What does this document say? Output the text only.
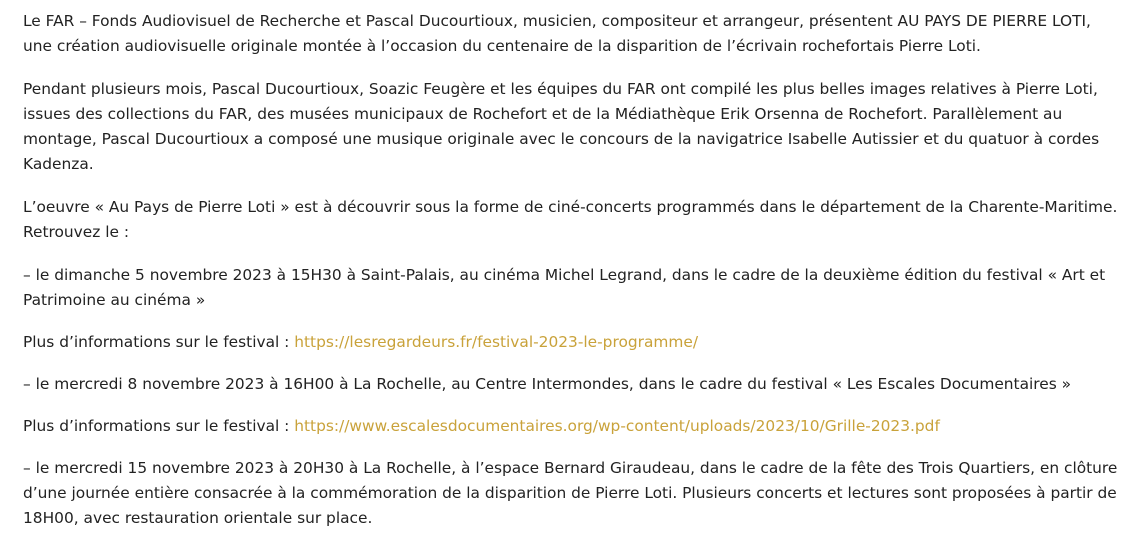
Le FAR – Fonds Audiovisuel de Recherche et Pascal Ducourtioux, musicien, compositeur et arrangeur, présentent AU PAYS DE PIERRE LOTI,
une création audiovisuelle originale montée à l’occasion du centenaire de la disparition de l’écrivain rochefortais Pierre Loti.

Pendant plusieurs mois, Pascal Ducourtioux, Soazic Feugère et les équipes du FAR ont compilé les plus belles images relatives à Pierre Loti,
issues des collections du FAR, des musées municipaux de Rochefort et de la Médiathèque Erik Orsenna de Rochefort. Parallèlement au
montage, Pascal Ducourtioux a composé une musique originale avec le concours de la navigatrice Isabelle Autissier et du quatuor à cordes
Kadenza.

L’oeuvre « Au Pays de Pierre Loti » est à découvrir sous la forme de ciné-concerts programmés dans le département de la Charente-Maritime.
Retrouvez le :

– le dimanche 5 novembre 2023 à 15H30 à Saint-Palais, au cinéma Michel Legrand, dans le cadre de la deuxième édition du festival « Art et
Patrimoine au cinéma »

Plus d’informations sur le festival : https://lesregardeurs.fr/festival-2023-le-programme/

– le mercredi 8 novembre 2023 à 16H00 à La Rochelle, au Centre Intermondes, dans le cadre du festival « Les Escales Documentaires »

Plus d’informations sur le festival : https://www.escalesdocumentaires.org/wp-content/uploads/2023/10/Grille-2023.pdf

– le mercredi 15 novembre 2023 à 20H30 à La Rochelle, à l’espace Bernard Giraudeau, dans le cadre de la fête des Trois Quartiers, en clôture
d’une journée entière consacrée à la commémoration de la disparition de Pierre Loti. Plusieurs concerts et lectures sont proposées à partir de
18H00, avec restauration orientale sur place.
